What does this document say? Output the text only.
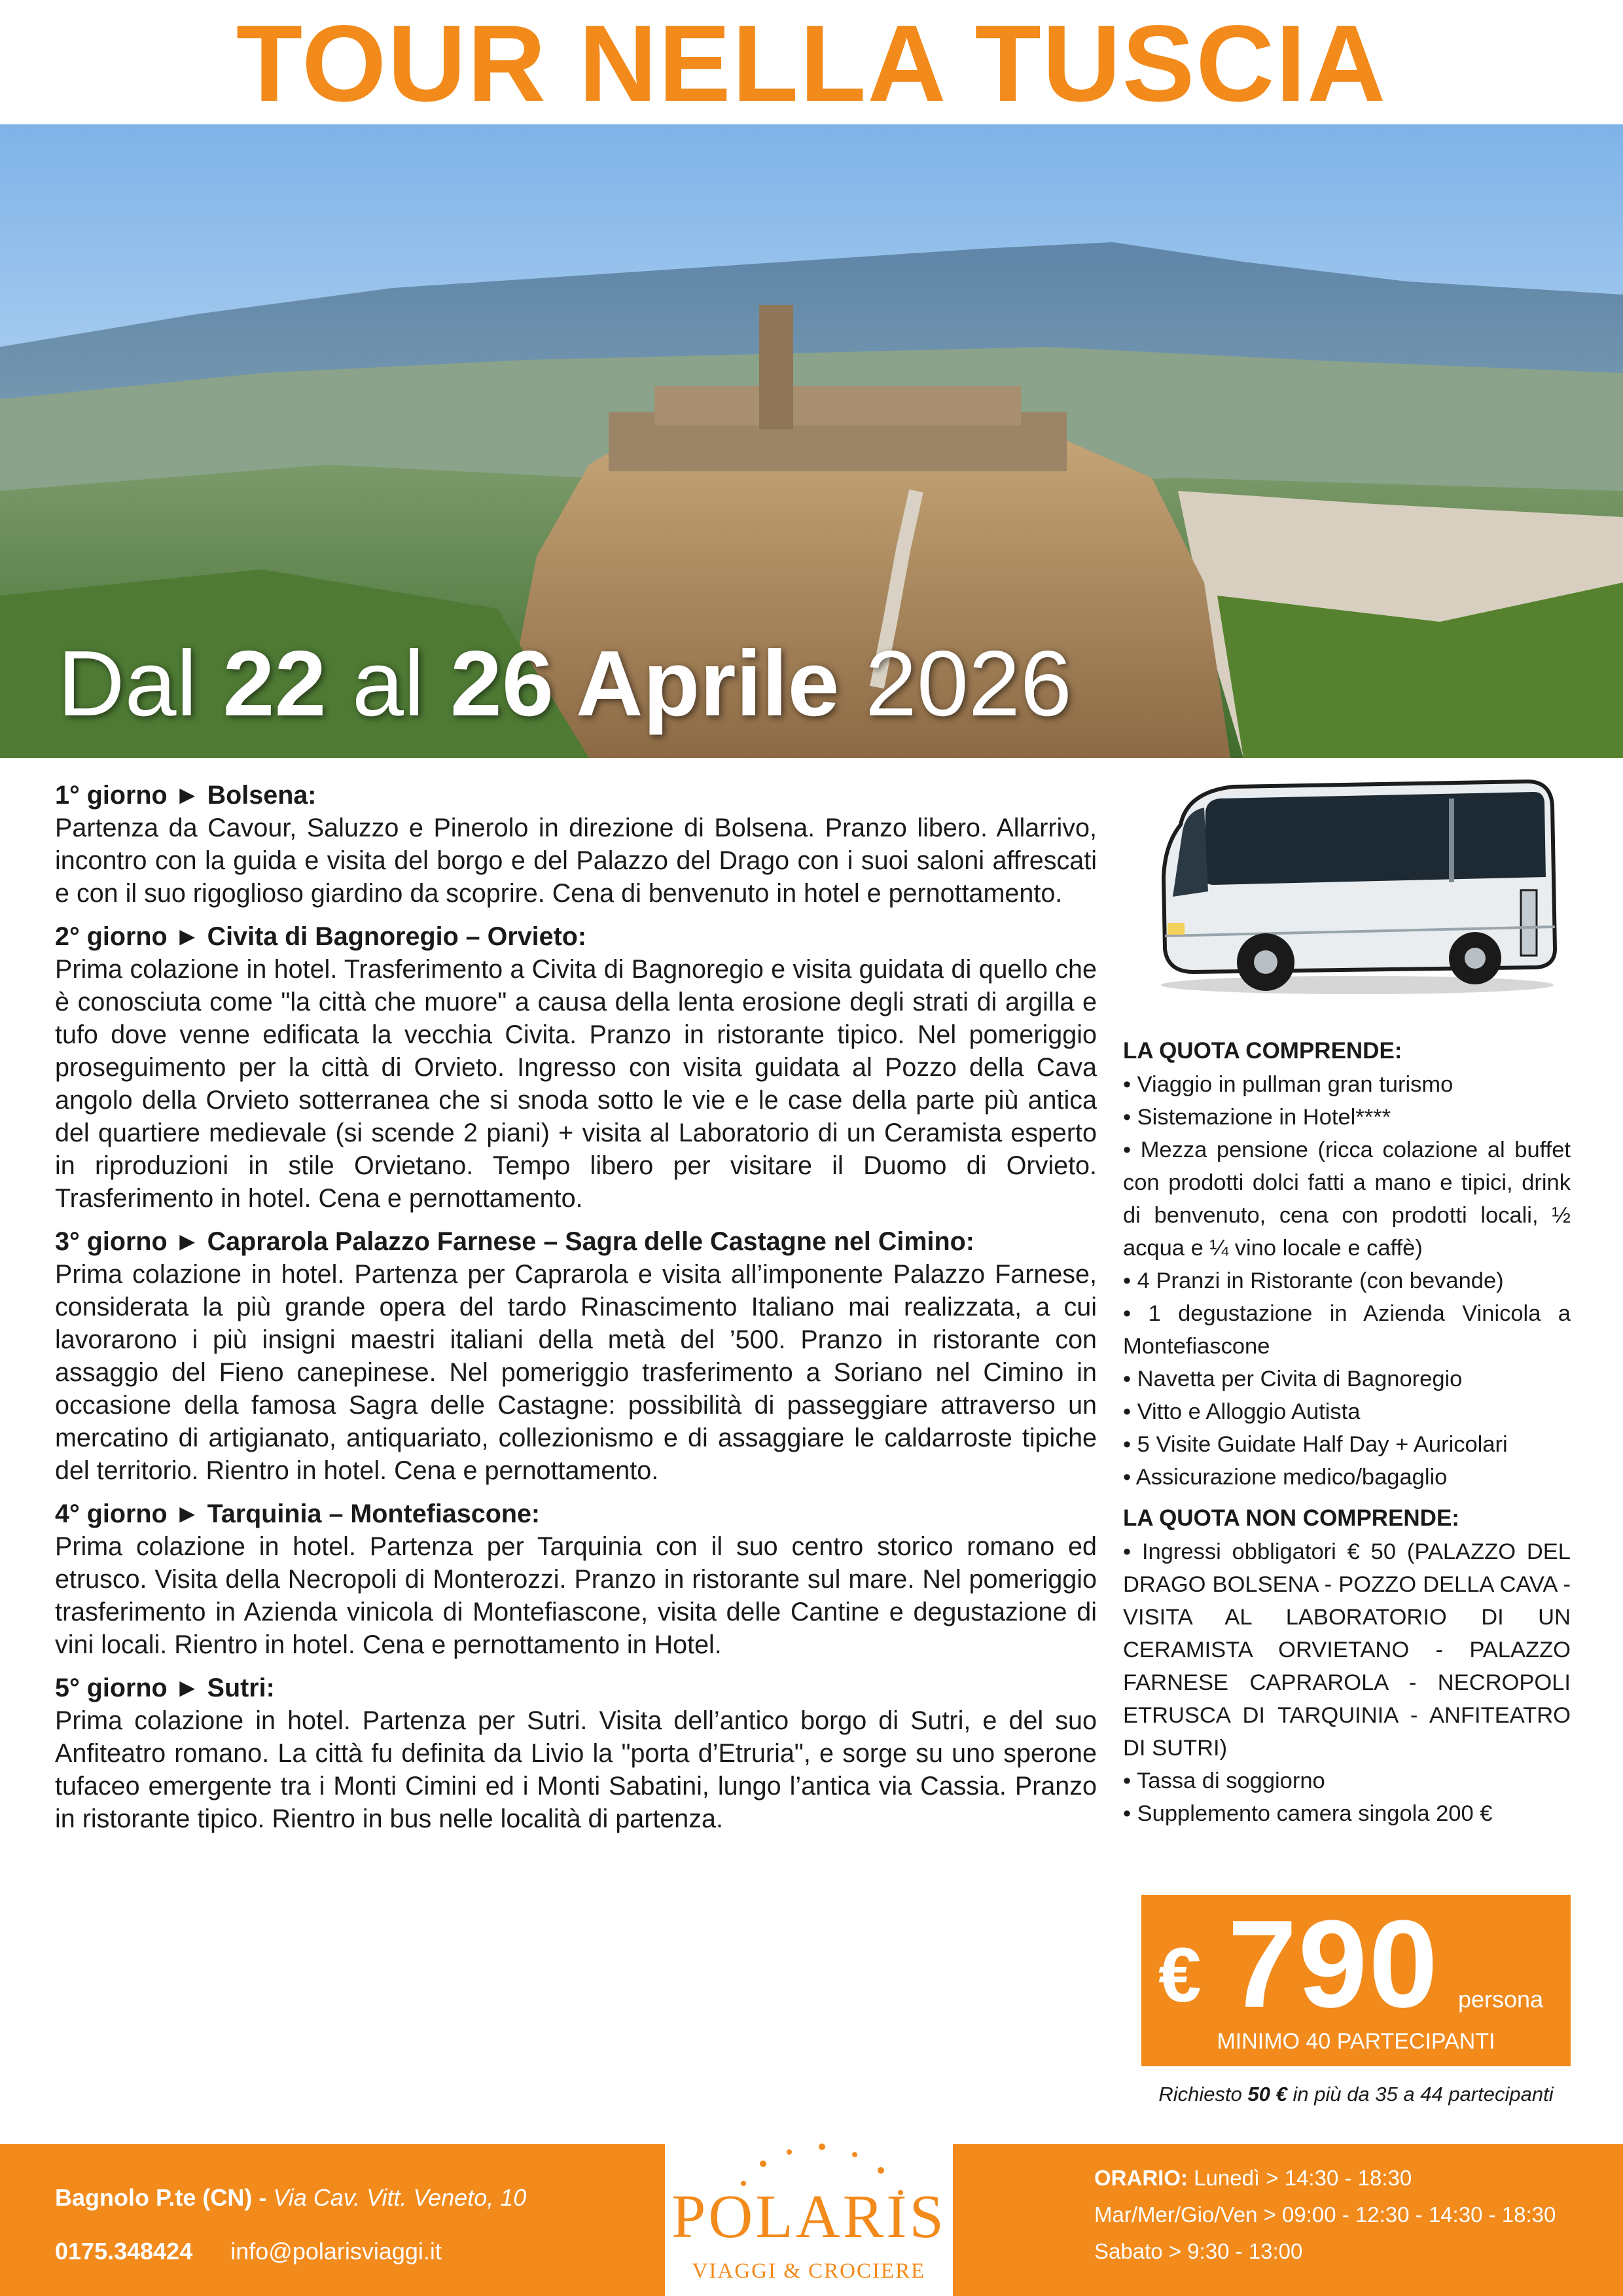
TOUR NELLA TUSCIA
Dal 22 al 26 Aprile 2026
1° giorno ► Bolsena:
Partenza da Cavour, Saluzzo e Pinerolo in direzione di Bolsena. Pranzo libero. Allarrivo, incontro con la guida e visita del borgo e del Palazzo del Drago con i suoi saloni affrescati e con il suo rigoglioso giardino da scoprire. Cena di benvenuto in hotel e pernottamento.
2° giorno ► Civita di Bagnoregio – Orvieto:
Prima colazione in hotel. Trasferimento a Civita di Bagnoregio e visita guidata di quello che è conosciuta come "la città che muore" a causa della lenta erosione degli strati di argilla e tufo dove venne edificata la vecchia Civita. Pranzo in ristorante tipico. Nel pomeriggio proseguimento per la città di Orvieto. Ingresso con visita guidata al Pozzo della Cava angolo della Orvieto sotterranea che si snoda sotto le vie e le case della parte più antica del quartiere medievale (si scende 2 piani) + visita al Laboratorio di un Ceramista esperto in riproduzioni in stile Orvietano. Tempo libero per visitare il Duomo di Orvieto. Trasferimento in hotel. Cena e pernottamento.
3° giorno ► Caprarola Palazzo Farnese – Sagra delle Castagne nel Cimino:
Prima colazione in hotel. Partenza per Caprarola e visita all’imponente Palazzo Farnese, considerata la più grande opera del tardo Rinascimento Italiano mai realizzata, a cui lavorarono i più insigni maestri italiani della metà del ’500. Pranzo in ristorante con assaggio del Fieno canepinese. Nel pomeriggio trasferimento a Soriano nel Cimino in occasione della famosa Sagra delle Castagne: possibilità di passeggiare attraverso un mercatino di artigianato, antiquariato, collezionismo e di assaggiare le caldarroste tipiche del territorio. Rientro in hotel. Cena e pernottamento.
4° giorno ► Tarquinia – Montefiascone:
Prima colazione in hotel. Partenza per Tarquinia con il suo centro storico romano ed etrusco. Visita della Necropoli di Monterozzi. Pranzo in ristorante sul mare. Nel pomeriggio trasferimento in Azienda vinicola di Montefiascone, visita delle Cantine e degustazione di vini locali. Rientro in hotel. Cena e pernottamento in Hotel.
5° giorno ► Sutri:
Prima colazione in hotel. Partenza per Sutri. Visita dell’antico borgo di Sutri, e del suo Anfiteatro romano. La città fu definita da Livio la "porta d’Etruria", e sorge su uno sperone tufaceo emergente tra i Monti Cimini ed i Monti Sabatini, lungo l’antica via Cassia. Pranzo in ristorante tipico. Rientro in bus nelle località di partenza.
LA QUOTA COMPRENDE:
• Viaggio in pullman gran turismo
• Sistemazione in Hotel****
• Mezza pensione (ricca colazione al buffet con prodotti dolci fatti a mano e tipici, drink di benvenuto, cena con prodotti locali, ½ acqua e ¼ vino locale e caffè)
• 4 Pranzi in Ristorante (con bevande)
• 1 degustazione in Azienda Vinicola a Montefiascone
• Navetta per Civita di Bagnoregio
• Vitto e Alloggio Autista
• 5 Visite Guidate Half Day + Auricolari
• Assicurazione medico/bagaglio
LA QUOTA NON COMPRENDE:
• Ingressi obbligatori € 50 (PALAZZO DEL DRAGO BOLSENA - POZZO DELLA CAVA - VISITA AL LABORATORIO DI UN CERAMISTA ORVIETANO - PALAZZO FARNESE CAPRAROLA - NECROPOLI ETRUSCA DI TARQUINIA - ANFITEATRO DI SUTRI)
• Tassa di soggiorno
• Supplemento camera singola 200 €
€ 790 persona
MINIMO 40 PARTECIPANTI
Richiesto 50 € in più da 35 a 44 partecipanti
Bagnolo P.te (CN) - Via Cav. Vitt. Veneto, 10
0175.348424 info@polarisviaggi.it
POLARIS
VIAGGI & CROCIERE
ORARIO: Lunedì > 14:30 - 18:30
Mar/Mer/Gio/Ven > 09:00 - 12:30 - 14:30 - 18:30
Sabato > 9:30 - 13:00
